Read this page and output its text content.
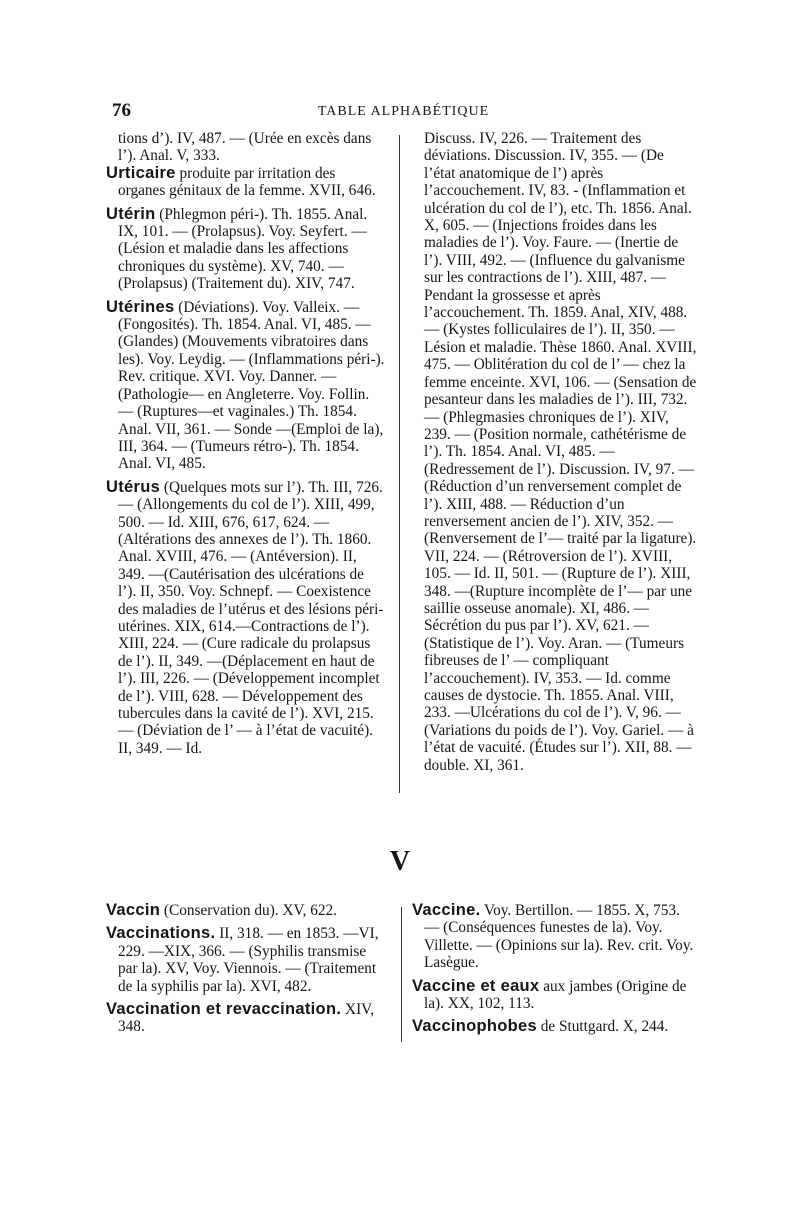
76	TABLE ALPHABÉTIQUE
tions d’). IV, 487. — (Urée en excès dans l’). Anal. V, 333.
Urticaire produite par irritation des organes génitaux de la femme. XVII, 646.
Utérin (Phlegmon péri-). Th. 1855. Anal. IX, 101. — (Prolapsus). Voy. Seyfert. — (Lésion et maladie dans les affections chroniques du système). XV, 740. —(Prolapsus) (Traitement du). XIV, 747.
Utérines (Déviations). Voy. Valleix. —(Fongosités). Th. 1854. Anal. VI, 485. — (Glandes) (Mouvements vibratoires dans les). Voy. Leydig. — (Inflammations péri-). Rev. critique. XVI. Voy. Danner. — (Pathologie— en Angleterre. Voy. Follin. — (Ruptures—et vaginales.) Th. 1854. Anal. VII, 361. — Sonde —(Emploi de la), III, 364. — (Tumeurs rétro-). Th. 1854. Anal. VI, 485.
Utérus (Quelques mots sur l’). Th. III, 726. — (Allongements du col de l’). XIII, 499, 500. — Id. XIII, 676, 617, 624. — (Altérations des annexes de l’). Th. 1860. Anal. XVIII, 476. — (Antéversion). II, 349. —(Cautérisation des ulcérations de l’). II, 350. Voy. Schnepf. — Coexistence des maladies de l’utérus et des lésions péri-utérines. XIX, 614.—Contractions de l’). XIII, 224. — (Cure radicale du prolapsus de l’). II, 349. —(Déplacement en haut de l’). III, 226. — (Développement incomplet de l’). VIII, 628. — Développement des tubercules dans la cavité de l’). XVI, 215. — (Déviation de l’ — à l’état de vacuité). II, 349. — Id.
Discuss. IV, 226. — Traitement des déviations. Discussion. IV, 355. — (De l’état anatomique de l’) après l’accouchement. IV, 83. - (Inflammation et ulcération du col de l’), etc. Th. 1856. Anal. X, 605. — (Injections froides dans les maladies de l’). Voy. Faure. — (Inertie de l’). VIII, 492. — (Influence du galvanisme sur les contractions de l’). XIII, 487. — Pendant la grossesse et après l’accouchement. Th. 1859. Anal, XIV, 488. — (Kystes folliculaires de l’). II, 350. — Lésion et maladie. Thèse 1860. Anal. XVIII, 475. — Oblitération du col de l’ — chez la femme enceinte. XVI, 106. — (Sensation de pesanteur dans les maladies de l’). III, 732. — (Phlegmasies chroniques de l’). XIV, 239. — (Position normale, cathétérisme de l’). Th. 1854. Anal. VI, 485. —(Redressement de l’). Discussion. IV, 97. — (Réduction d’un renversement complet de l’). XIII, 488. — Réduction d’un renversement ancien de l’). XIV, 352. — (Renversement de l’— traité par la ligature). VII, 224. — (Rétroversion de l’). XVIII, 105. — Id. II, 501. — (Rupture de l’). XIII, 348. —(Rupture incomplète de l’— par une saillie osseuse anomale). XI, 486. — Sécrétion du pus par l’). XV, 621. — (Statistique de l’). Voy. Aran. — (Tumeurs fibreuses de l’ — compliquant l’accouchement). IV, 353. — Id. comme causes de dystocie. Th. 1855. Anal. VIII, 233. —Ulcérations du col de l’). V, 96. —(Variations du poids de l’). Voy. Gariel. — à l’état de vacuité. (Études sur l’). XII, 88. — double. XI, 361.
V
Vaccin (Conservation du). XV, 622.
Vaccinations. II, 318. — en 1853. —VI, 229. —XIX, 366. — (Syphilis transmise par la). XV, Voy. Viennois. — (Traitement de la syphilis par la). XVI, 482.
Vaccination et revaccination. XIV, 348.
Vaccine. Voy. Bertillon. — 1855. X, 753. — (Conséquences funestes de la). Voy. Villette. — (Opinions sur la). Rev. crit. Voy. Lasègue.
Vaccine et eaux aux jambes (Origine de la). XX, 102, 113.
Vaccinophobes de Stuttgard. X, 244.
